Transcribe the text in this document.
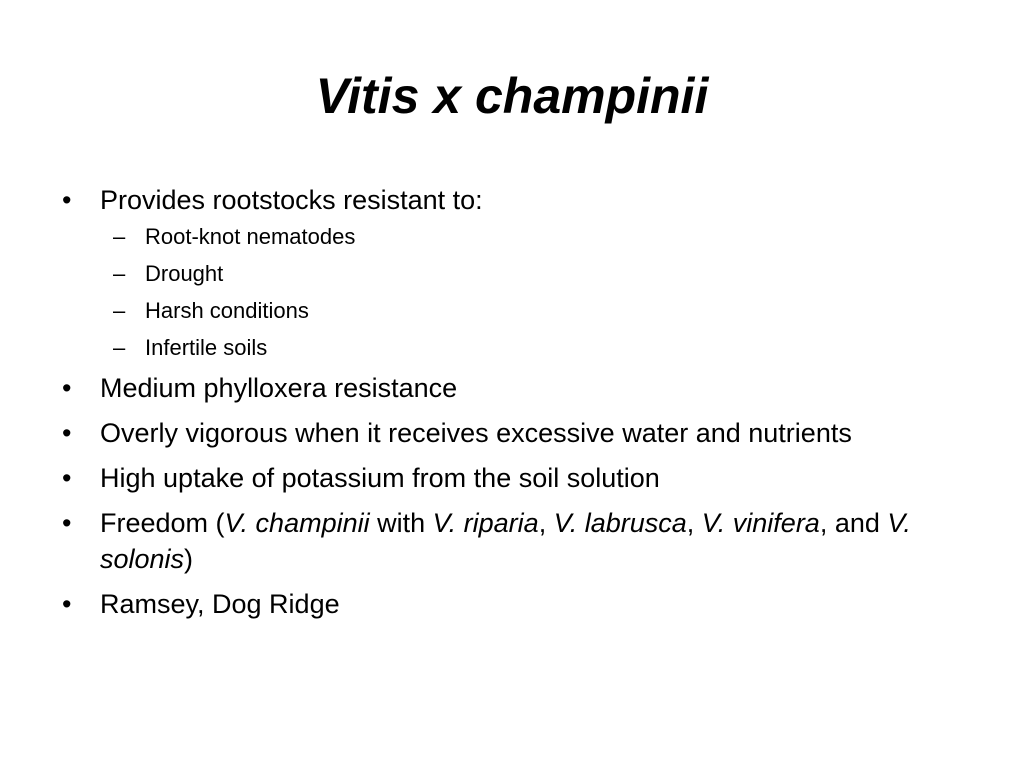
Vitis x champinii

•	Provides rootstocks resistant to:

– Root-knot nematodes

– Drought

– Harsh conditions

– Infertile soils

•	Medium phylloxera resistance

•	Overly vigorous when it receives excessive water and nutrients

•	High uptake of potassium from the soil solution

•	Freedom (V. champinii with V. riparia, V. labrusca, V. vinifera, and V. solonis)

•	Ramsey, Dog Ridge
